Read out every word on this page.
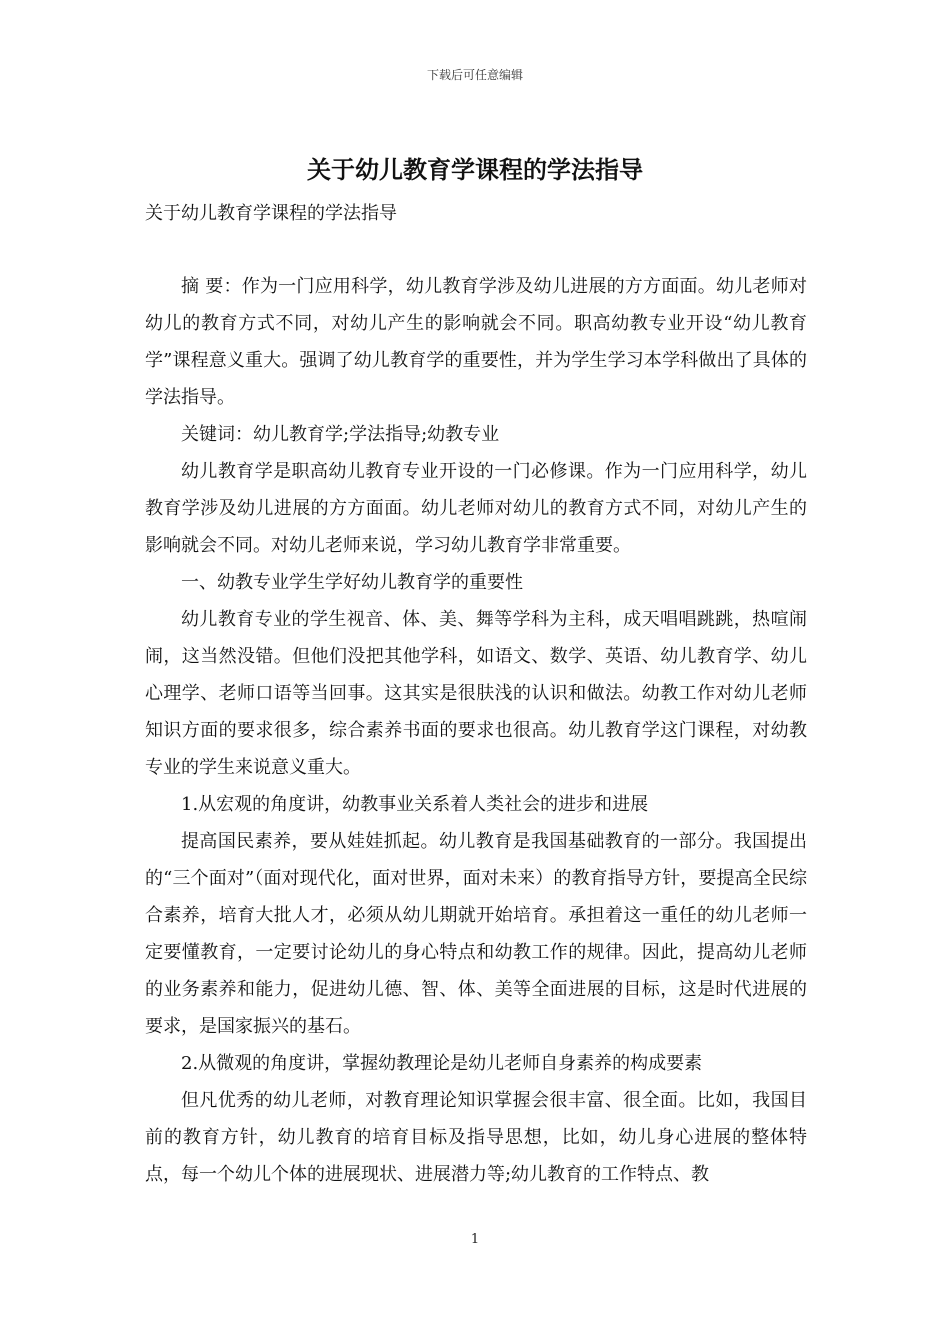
下载后可任意编辑
关于幼儿教育学课程的学法指导

关于幼儿教育学课程的学法指导

摘 要：作为一门应用科学，幼儿教育学涉及幼儿进展的方方面面。幼儿老师对幼儿的教育方式不同，对幼儿产生的影响就会不同。职高幼教专业开设“幼儿教育学”课程意义重大。强调了幼儿教育学的重要性，并为学生学习本学科做出了具体的学法指导。

关键词：幼儿教育学;学法指导;幼教专业

幼儿教育学是职高幼儿教育专业开设的一门必修课。作为一门应用科学，幼儿教育学涉及幼儿进展的方方面面。幼儿老师对幼儿的教育方式不同，对幼儿产生的影响就会不同。对幼儿老师来说，学习幼儿教育学非常重要。

一、幼教专业学生学好幼儿教育学的重要性

幼儿教育专业的学生视音、体、美、舞等学科为主科，成天唱唱跳跳，热喧闹闹，这当然没错。但他们没把其他学科，如语文、数学、英语、幼儿教育学、幼儿心理学、老师口语等当回事。这其实是很肤浅的认识和做法。幼教工作对幼儿老师知识方面的要求很多，综合素养书面的要求也很高。幼儿教育学这门课程，对幼教专业的学生来说意义重大。

1.从宏观的角度讲，幼教事业关系着人类社会的进步和进展

提高国民素养，要从娃娃抓起。幼儿教育是我国基础教育的一部分。我国提出的“三个面对”（面对现代化，面对世界，面对未来）的教育指导方针，要提高全民综合素养，培育大批人才，必须从幼儿期就开始培育。承担着这一重任的幼儿老师一定要懂教育，一定要讨论幼儿的身心特点和幼教工作的规律。因此，提高幼儿老师的业务素养和能力，促进幼儿德、智、体、美等全面进展的目标，这是时代进展的要求，是国家振兴的基石。

2.从微观的角度讲，掌握幼教理论是幼儿老师自身素养的构成要素

但凡优秀的幼儿老师，对教育理论知识掌握会很丰富、很全面。比如，我国目前的教育方针，幼儿教育的培育目标及指导思想，比如，幼儿身心进展的整体特点，每一个幼儿个体的进展现状、进展潜力等;幼儿教育的工作特点、教

1
